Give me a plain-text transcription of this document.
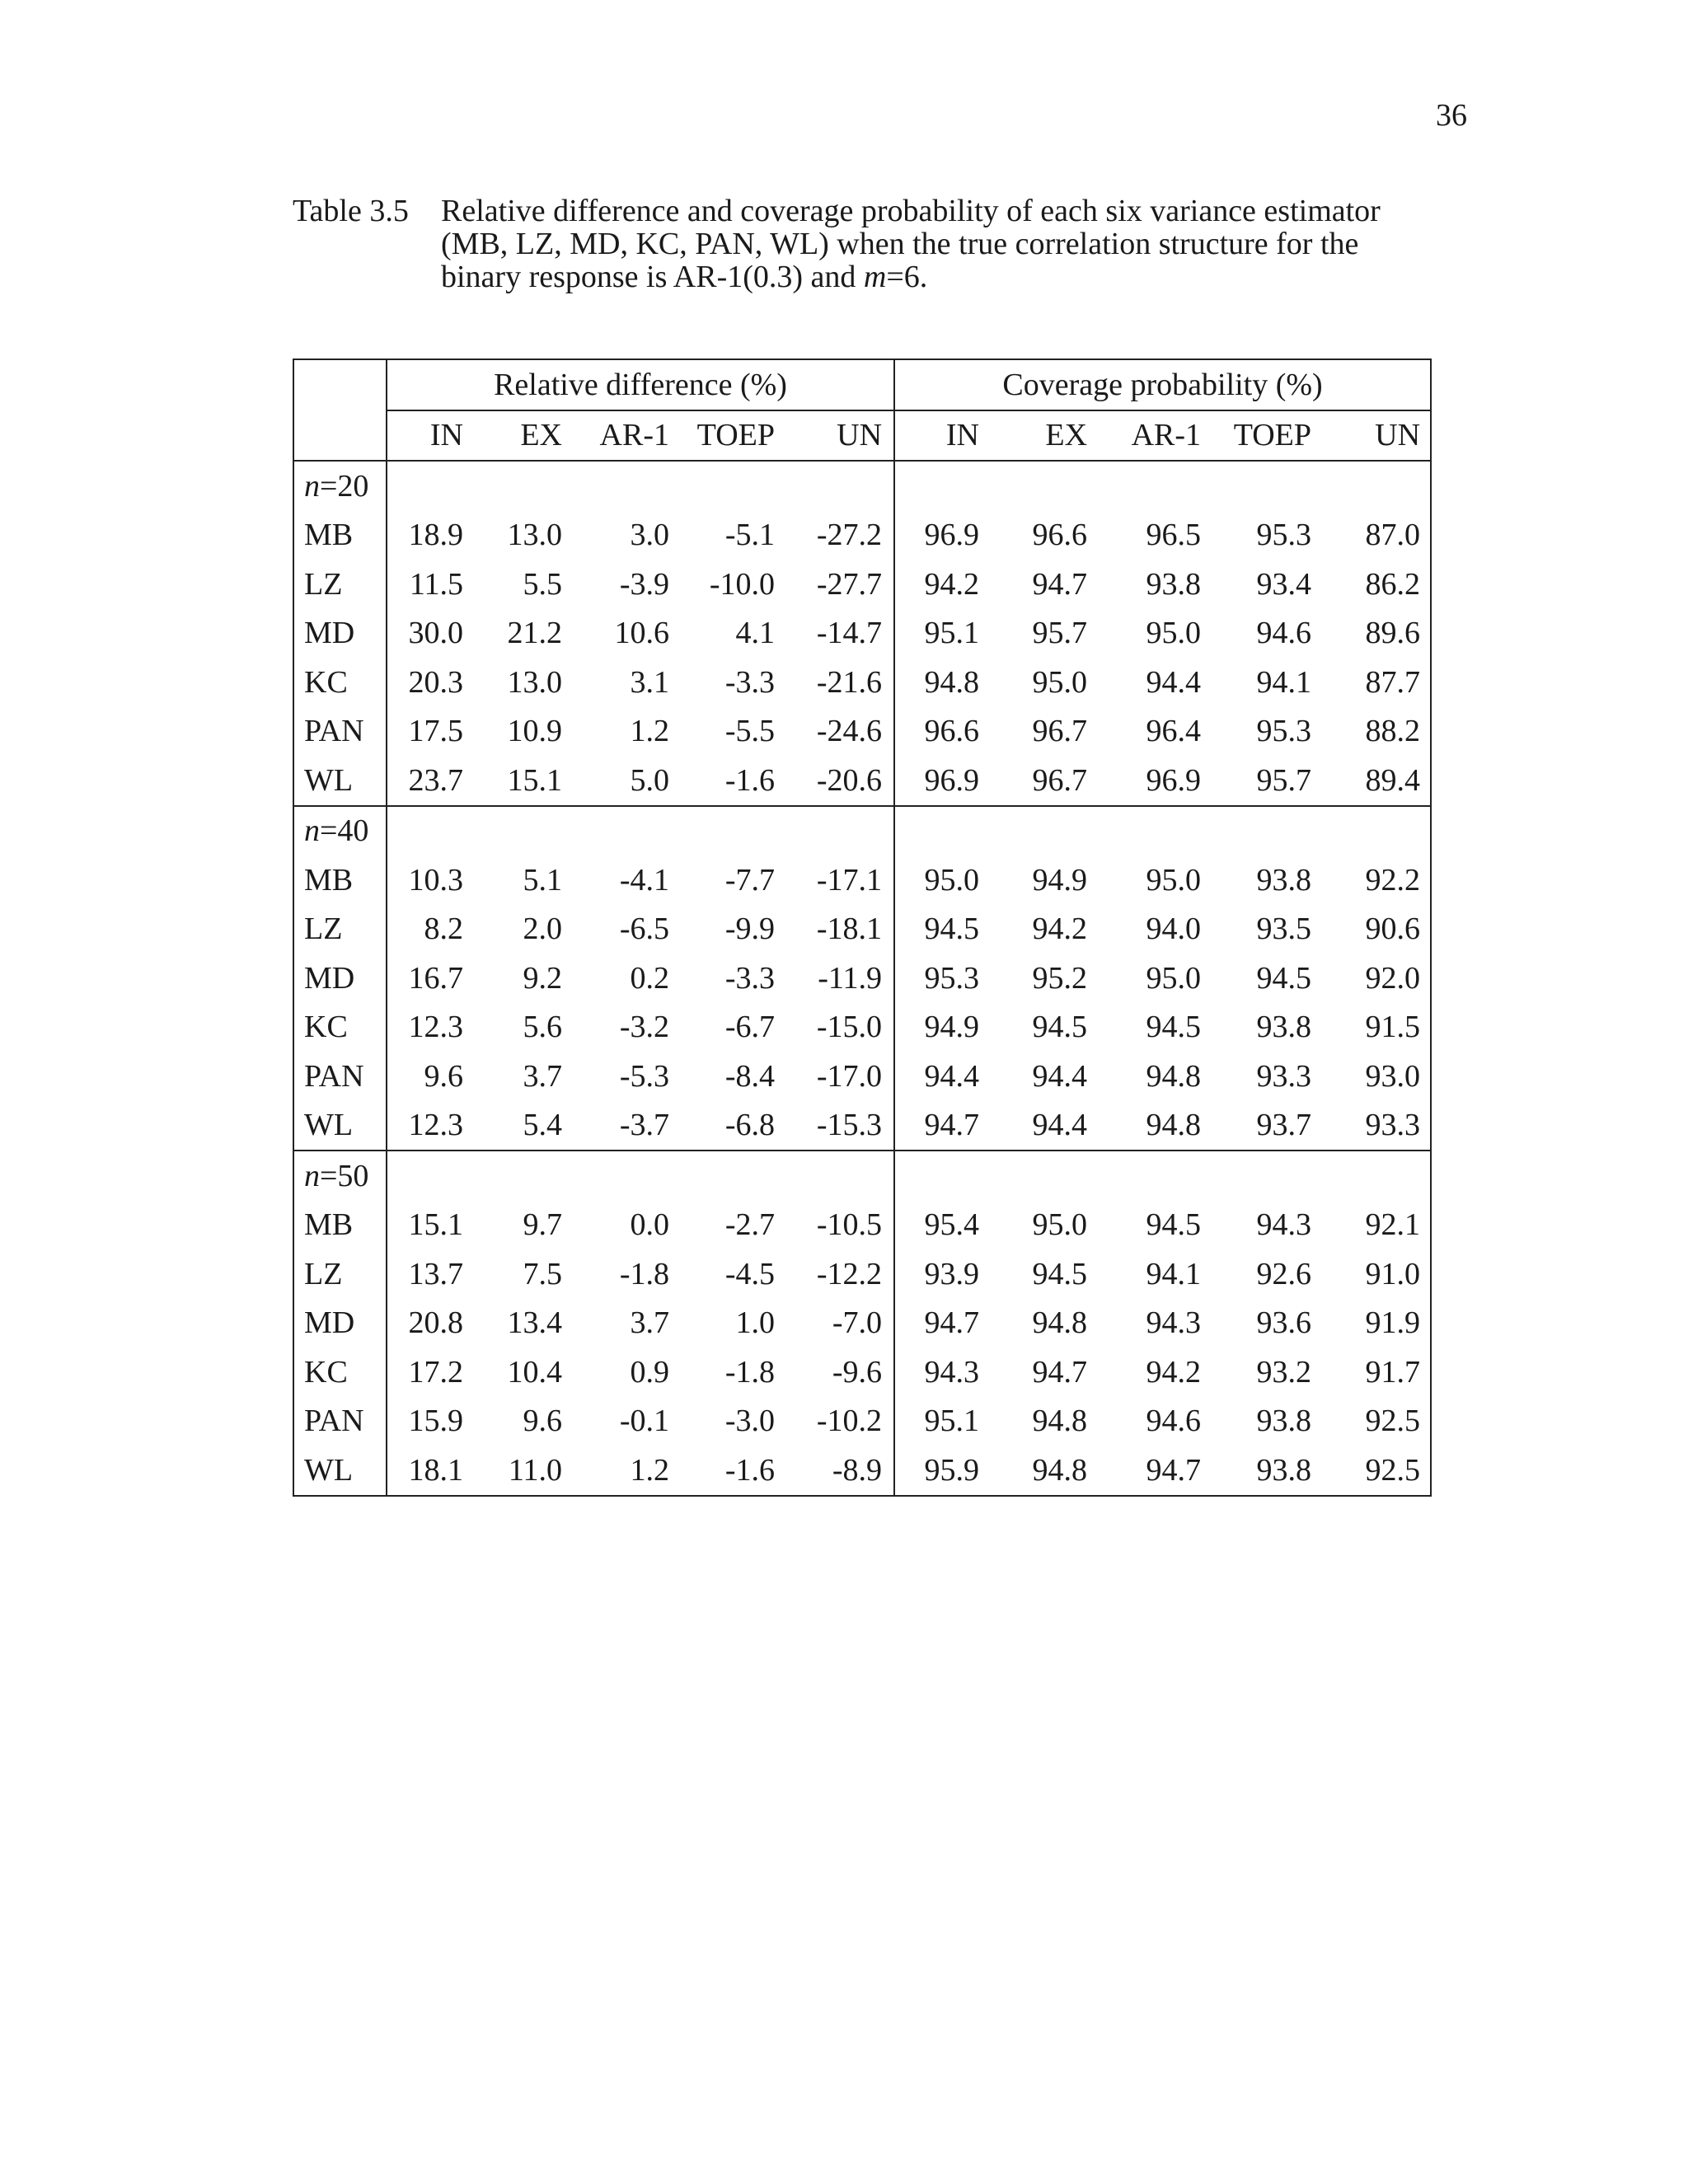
36
Table 3.5	Relative difference and coverage probability of each six variance estimator (MB, LZ, MD, KC, PAN, WL) when the true correlation structure for the binary response is AR-1(0.3) and m=6.
	Relative difference (%)					Coverage probability (%)				
	IN	EX	AR-1	TOEP	UN	IN	EX	AR-1	TOEP	UN
n=20										
MB	18.9	13.0	3.0	-5.1	-27.2	96.9	96.6	96.5	95.3	87.0
LZ	11.5	5.5	-3.9	-10.0	-27.7	94.2	94.7	93.8	93.4	86.2
MD	30.0	21.2	10.6	4.1	-14.7	95.1	95.7	95.0	94.6	89.6
KC	20.3	13.0	3.1	-3.3	-21.6	94.8	95.0	94.4	94.1	87.7
PAN	17.5	10.9	1.2	-5.5	-24.6	96.6	96.7	96.4	95.3	88.2
WL	23.7	15.1	5.0	-1.6	-20.6	96.9	96.7	96.9	95.7	89.4
n=40										
MB	10.3	5.1	-4.1	-7.7	-17.1	95.0	94.9	95.0	93.8	92.2
LZ	8.2	2.0	-6.5	-9.9	-18.1	94.5	94.2	94.0	93.5	90.6
MD	16.7	9.2	0.2	-3.3	-11.9	95.3	95.2	95.0	94.5	92.0
KC	12.3	5.6	-3.2	-6.7	-15.0	94.9	94.5	94.5	93.8	91.5
PAN	9.6	3.7	-5.3	-8.4	-17.0	94.4	94.4	94.8	93.3	93.0
WL	12.3	5.4	-3.7	-6.8	-15.3	94.7	94.4	94.8	93.7	93.3
n=50										
MB	15.1	9.7	0.0	-2.7	-10.5	95.4	95.0	94.5	94.3	92.1
LZ	13.7	7.5	-1.8	-4.5	-12.2	93.9	94.5	94.1	92.6	91.0
MD	20.8	13.4	3.7	1.0	-7.0	94.7	94.8	94.3	93.6	91.9
KC	17.2	10.4	0.9	-1.8	-9.6	94.3	94.7	94.2	93.2	91.7
PAN	15.9	9.6	-0.1	-3.0	-10.2	95.1	94.8	94.6	93.8	92.5
WL	18.1	11.0	1.2	-1.6	-8.9	95.9	94.8	94.7	93.8	92.5
